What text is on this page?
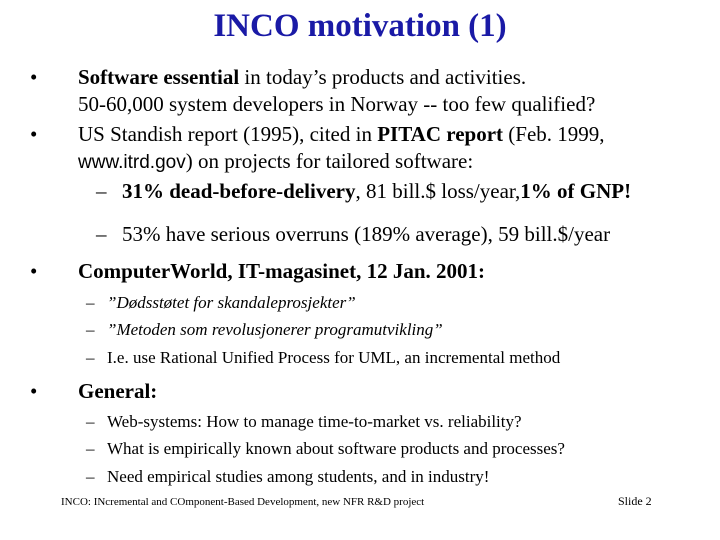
INCO motivation (1)
• Software essential in today’s products and activities.
50-60,000 system developers in Norway -- too few qualified?
• US Standish report (1995), cited in PITAC report (Feb. 1999,
www.itrd.gov) on projects for tailored software:
– 31% dead-before-delivery, 81 bill.$ loss/year,1% of GNP!
– 53% have serious overruns (189% average), 59 bill.$/year
• ComputerWorld, IT-magasinet, 12 Jan. 2001:
– ”Dødsstøtet for skandaleprosjekter”
– ”Metoden som revolusjonerer programutvikling”
– I.e. use Rational Unified Process for UML, an incremental method
• General:
– Web-systems: How to manage time-to-market vs. reliability?
– What is empirically known about software products and processes?
– Need empirical studies among students, and in industry!
INCO: INcremental and COmponent-Based Development, new NFR R&D project	Slide 2
